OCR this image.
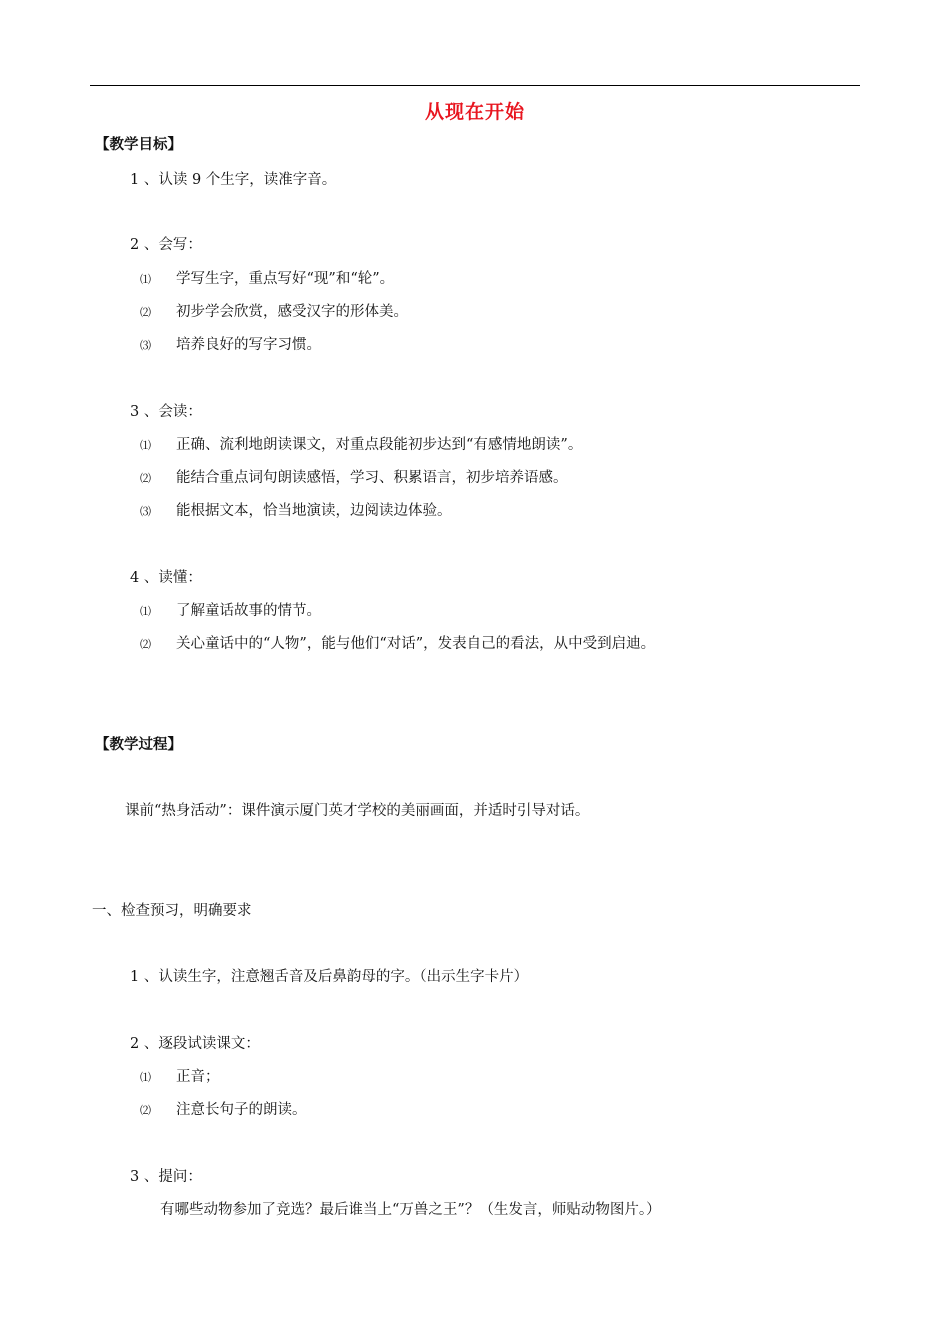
从现在开始
【教学目标】
1 、认读 9 个生字，读准字音。
2 、会写：
⑴ 学写生字，重点写好“现”和“轮”。
⑵ 初步学会欣赏，感受汉字的形体美。
⑶ 培养良好的写字习惯。
3 、会读：
⑴ 正确、流利地朗读课文，对重点段能初步达到“有感情地朗读”。
⑵ 能结合重点词句朗读感悟，学习、积累语言，初步培养语感。
⑶ 能根据文本，恰当地演读，边阅读边体验。
4 、读懂：
⑴ 了解童话故事的情节。
⑵ 关心童话中的“人物”，能与他们“对话”，发表自己的看法，从中受到启迪。
【教学过程】
课前“热身活动”：课件演示厦门英才学校的美丽画面，并适时引导对话。
一、检查预习，明确要求
1 、认读生字，注意翘舌音及后鼻韵母的字。（出示生字卡片）
2 、逐段试读课文：
⑴ 正音；
⑵ 注意长句子的朗读。
3 、提问：
有哪些动物参加了竞选？最后谁当上“万兽之王”？（生发言，师贴动物图片。）
